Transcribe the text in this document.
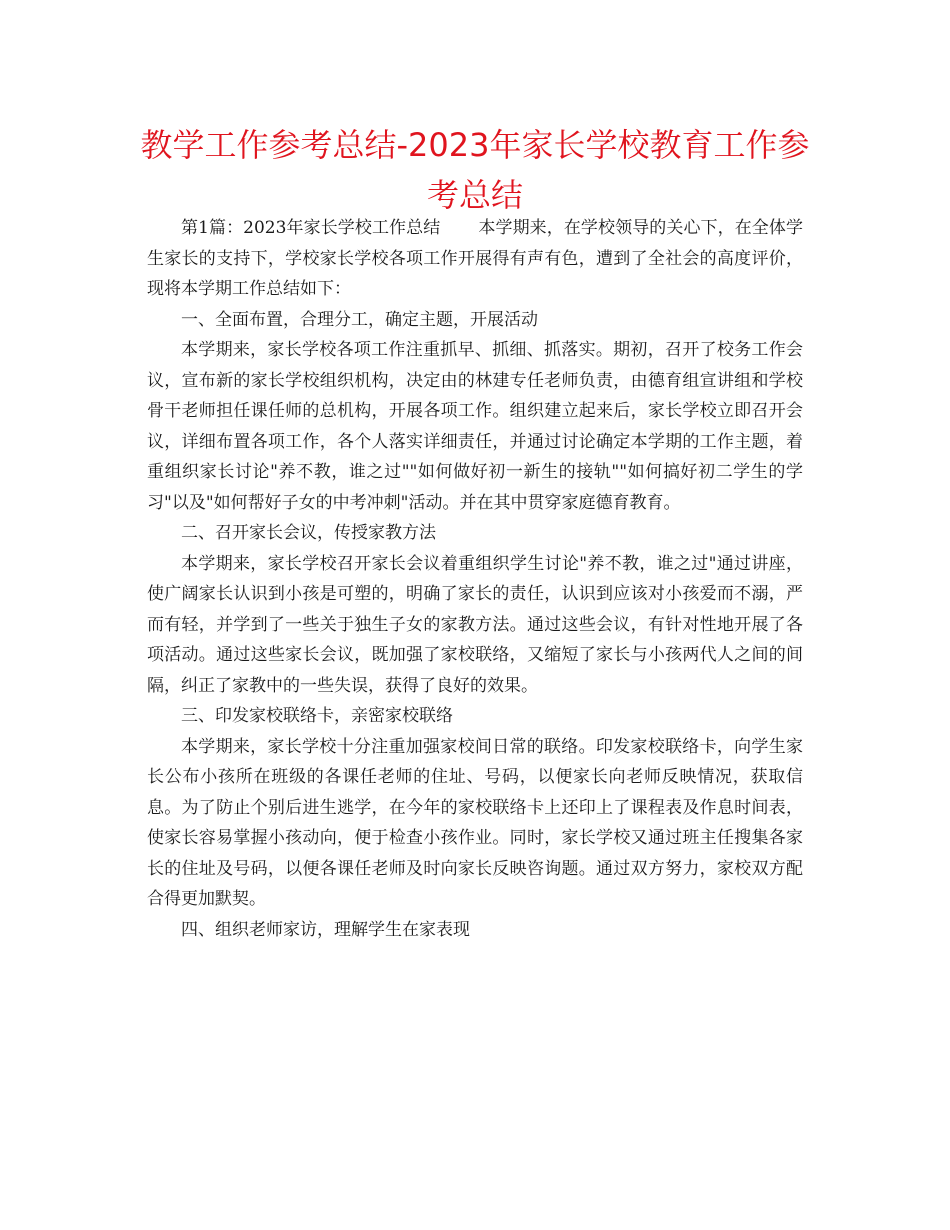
教学工作参考总结-2023年家长学校教育工作参考总结

第1篇：2023年家长学校工作总结 本学期来，在学校领导的关心下，在全体学生家长的支持下，学校家长学校各项工作开展得有声有色，遭到了全社会的高度评价，现将本学期工作总结如下：

一、全面布置，合理分工，确定主题，开展活动

本学期来，家长学校各项工作注重抓早、抓细、抓落实。期初，召开了校务工作会议，宣布新的家长学校组织机构，决定由的林建专任老师负责，由德育组宣讲组和学校骨干老师担任课任师的总机构，开展各项工作。组织建立起来后，家长学校立即召开会议，详细布置各项工作，各个人落实详细责任，并通过讨论确定本学期的工作主题，着重组织家长讨论"养不教，谁之过""如何做好初一新生的接轨""如何搞好初二学生的学习"以及"如何帮好子女的中考冲刺"活动。并在其中贯穿家庭德育教育。

二、召开家长会议，传授家教方法

本学期来，家长学校召开家长会议着重组织学生讨论"养不教，谁之过"通过讲座，使广阔家长认识到小孩是可塑的，明确了家长的责任，认识到应该对小孩爱而不溺，严而有轻，并学到了一些关于独生子女的家教方法。通过这些会议，有针对性地开展了各项活动。通过这些家长会议，既加强了家校联络，又缩短了家长与小孩两代人之间的间隔，纠正了家教中的一些失误，获得了良好的效果。

三、印发家校联络卡，亲密家校联络

本学期来，家长学校十分注重加强家校间日常的联络。印发家校联络卡，向学生家长公布小孩所在班级的各课任老师的住址、号码，以便家长向老师反映情况，获取信息。为了防止个别后进生逃学，在今年的家校联络卡上还印上了课程表及作息时间表，使家长容易掌握小孩动向，便于检查小孩作业。同时，家长学校又通过班主任搜集各家长的住址及号码，以便各课任老师及时向家长反映咨询题。通过双方努力，家校双方配合得更加默契。

四、组织老师家访，理解学生在家表现
